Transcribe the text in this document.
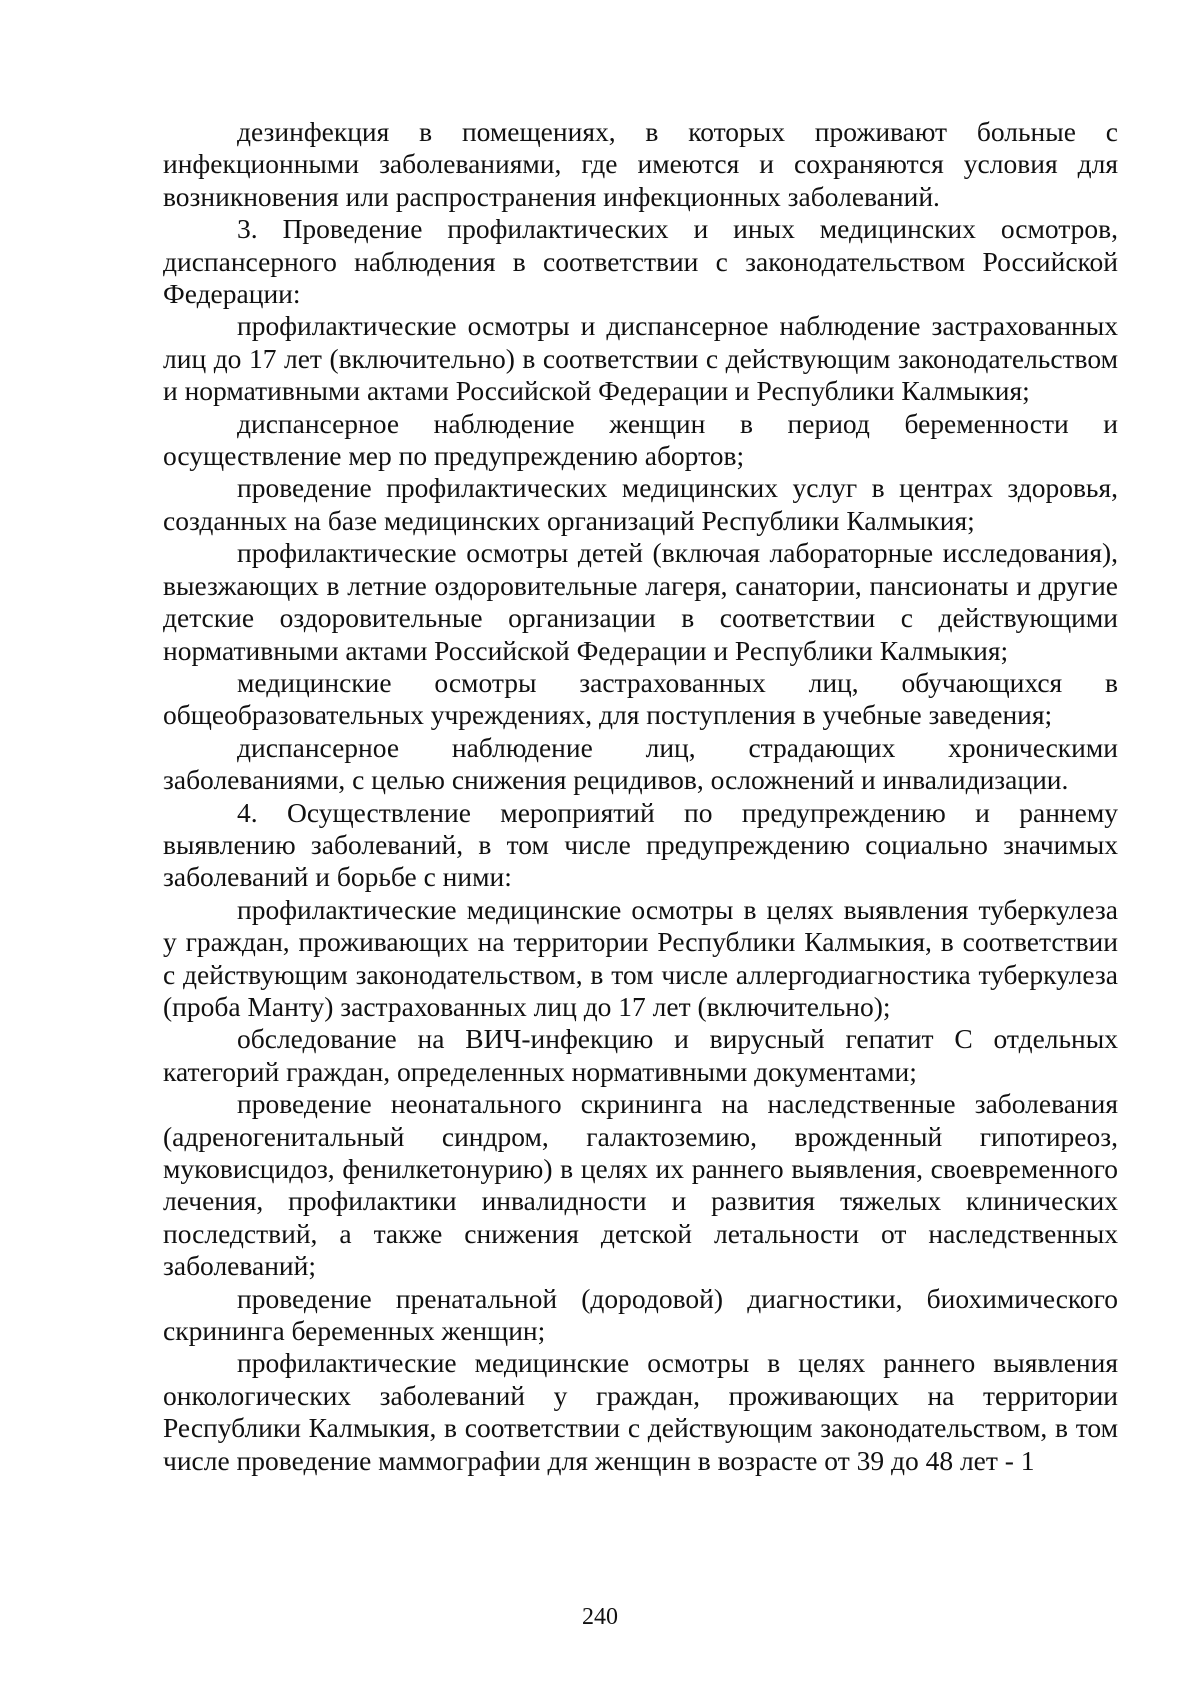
дезинфекция в помещениях, в которых проживают больные с инфекционными заболеваниями, где имеются и сохраняются условия для возникновения или распространения инфекционных заболеваний.

3. Проведение профилактических и иных медицинских осмотров, диспансерного наблюдения в соответствии с законодательством Российской Федерации:

профилактические осмотры и диспансерное наблюдение застрахованных лиц до 17 лет (включительно) в соответствии с действующим законодательством и нормативными актами Российской Федерации и Республики Калмыкия;

диспансерное наблюдение женщин в период беременности и осуществление мер по предупреждению абортов;

проведение профилактических медицинских услуг в центрах здоровья, созданных на базе медицинских организаций Республики Калмыкия;

профилактические осмотры детей (включая лабораторные исследования), выезжающих в летние оздоровительные лагеря, санатории, пансионаты и другие детские оздоровительные организации в соответствии с действующими нормативными актами Российской Федерации и Республики Калмыкия;

медицинские осмотры застрахованных лиц, обучающихся в общеобразовательных учреждениях, для поступления в учебные заведения;

диспансерное наблюдение лиц, страдающих хроническими заболеваниями, с целью снижения рецидивов, осложнений и инвалидизации.

4. Осуществление мероприятий по предупреждению и раннему выявлению заболеваний, в том числе предупреждению социально значимых заболеваний и борьбе с ними:

профилактические медицинские осмотры в целях выявления туберкулеза у граждан, проживающих на территории Республики Калмыкия, в соответствии с действующим законодательством, в том числе аллергодиагностика туберкулеза (проба Манту) застрахованных лиц до 17 лет (включительно);

обследование на ВИЧ-инфекцию и вирусный гепатит С отдельных категорий граждан, определенных нормативными документами;

проведение неонатального скрининга на наследственные заболевания (адреногенитальный синдром, галактоземию, врожденный гипотиреоз, муковисцидоз, фенилкетонурию) в целях их раннего выявления, своевременного лечения, профилактики инвалидности и развития тяжелых клинических последствий, а также снижения детской летальности от наследственных заболеваний;

проведение пренатальной (дородовой) диагностики, биохимического скрининга беременных женщин;

профилактические медицинские осмотры в целях раннего выявления онкологических заболеваний у граждан, проживающих на территории Республики Калмыкия, в соответствии с действующим законодательством, в том числе проведение маммографии для женщин в возрасте от 39 до 48 лет - 1

240
